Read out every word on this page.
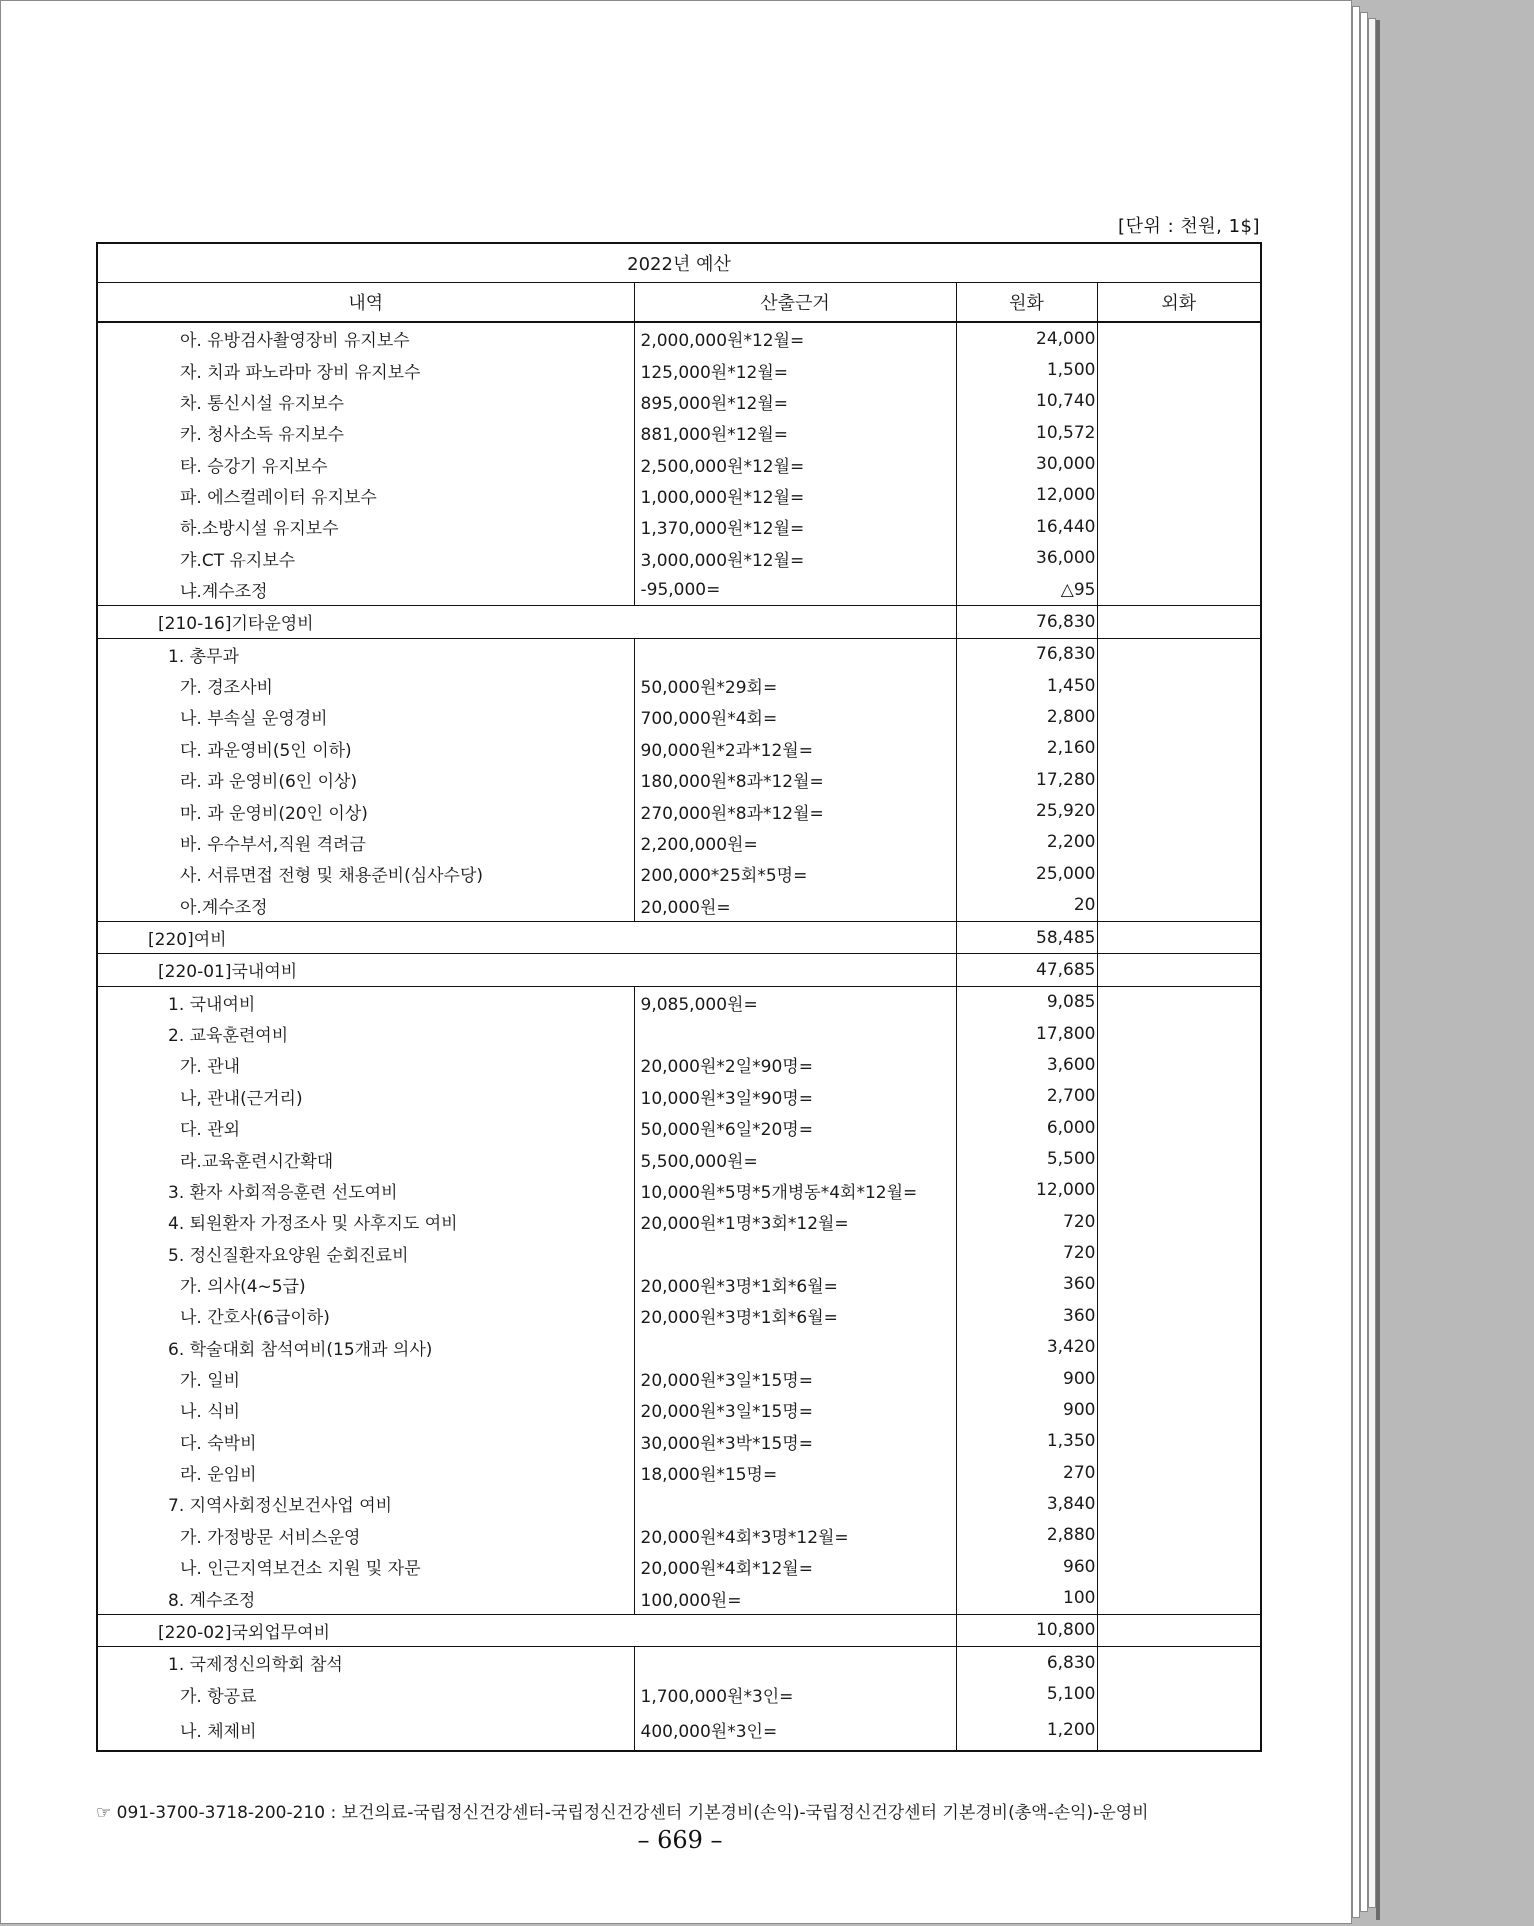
[단위 : 천원, 1$]
2022년 예산			
내역	산출근거	원화	외화
아. 유방검사촬영장비 유지보수	2,000,000원*12월=	24,000	
자. 치과 파노라마 장비 유지보수	125,000원*12월=	1,500	
차. 통신시설 유지보수	895,000원*12월=	10,740	
카. 청사소독 유지보수	881,000원*12월=	10,572	
타. 승강기 유지보수	2,500,000원*12월=	30,000	
파. 에스컬레이터 유지보수	1,000,000원*12월=	12,000	
하.소방시설 유지보수	1,370,000원*12월=	16,440	
갸.CT 유지보수	3,000,000원*12월=	36,000	
냐.계수조정	-95,000=	△95	
[210-16]기타운영비		76,830	
1. 총무과		76,830	
가. 경조사비	50,000원*29회=	1,450	
나. 부속실 운영경비	700,000원*4회=	2,800	
다. 과운영비(5인 이하)	90,000원*2과*12월=	2,160	
라. 과 운영비(6인 이상)	180,000원*8과*12월=	17,280	
마. 과 운영비(20인 이상)	270,000원*8과*12월=	25,920	
바. 우수부서,직원 격려금	2,200,000원=	2,200	
사. 서류면접 전형 및 채용준비(심사수당)	200,000*25회*5명=	25,000	
아.계수조정	20,000원=	20	
[220]여비		58,485	
[220-01]국내여비		47,685	
1. 국내여비	9,085,000원=	9,085	
2. 교육훈련여비		17,800	
가. 관내	20,000원*2일*90명=	3,600	
나, 관내(근거리)	10,000원*3일*90명=	2,700	
다. 관외	50,000원*6일*20명=	6,000	
라.교육훈련시간확대	5,500,000원=	5,500	
3. 환자 사회적응훈련 선도여비	10,000원*5명*5개병동*4회*12월=	12,000	
4. 퇴원환자 가정조사 및 사후지도 여비	20,000원*1명*3회*12월=	720	
5. 정신질환자요양원 순회진료비		720	
가. 의사(4~5급)	20,000원*3명*1회*6월=	360	
나. 간호사(6급이하)	20,000원*3명*1회*6월=	360	
6. 학술대회 참석여비(15개과 의사)		3,420	
가. 일비	20,000원*3일*15명=	900	
나. 식비	20,000원*3일*15명=	900	
다. 숙박비	30,000원*3박*15명=	1,350	
라. 운임비	18,000원*15명=	270	
7. 지역사회정신보건사업 여비		3,840	
가. 가정방문 서비스운영	20,000원*4회*3명*12월=	2,880	
나. 인근지역보건소 지원 및 자문	20,000원*4회*12월=	960	
8. 계수조정	100,000원=	100	
[220-02]국외업무여비		10,800	
1. 국제정신의학회 참석		6,830	
가. 항공료	1,700,000원*3인=	5,100	
나. 체제비	400,000원*3인=	1,200	
☞ 091-3700-3718-200-210 : 보건의료-국립정신건강센터-국립정신건강센터 기본경비(손익)-국립정신건강센터 기본경비(총액-손익)-운영비
– 669 –
